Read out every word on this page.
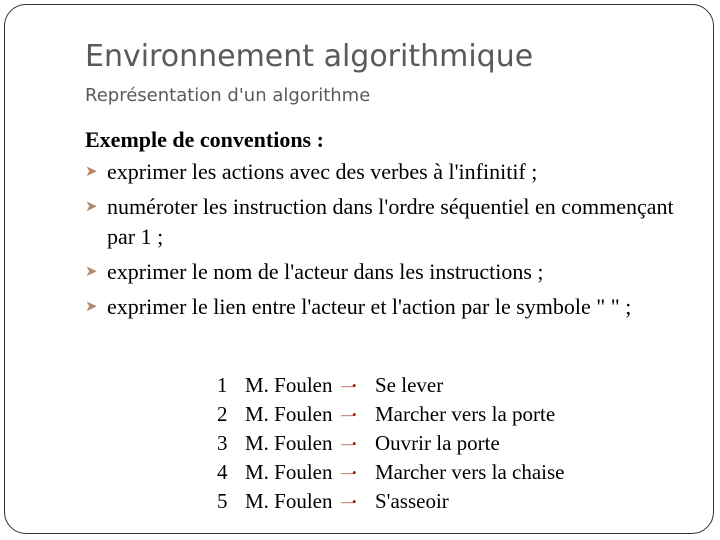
Environnement algorithmique
Représentation d'un algorithme
Exemple de conventions :
➤ exprimer les actions avec des verbes à l'infinitif ;
➤ numéroter les instruction dans l'ordre séquentiel en commençant par 1 ;
➤ exprimer le nom de l'acteur dans les instructions ;
➤ exprimer le lien entre l'acteur et l'action par le symbole " " ;
1 M. Foulen —• Se lever
2 M. Foulen —• Marcher vers la porte
3 M. Foulen —• Ouvrir la porte
4 M. Foulen —• Marcher vers la chaise
5 M. Foulen —• S'asseoir
